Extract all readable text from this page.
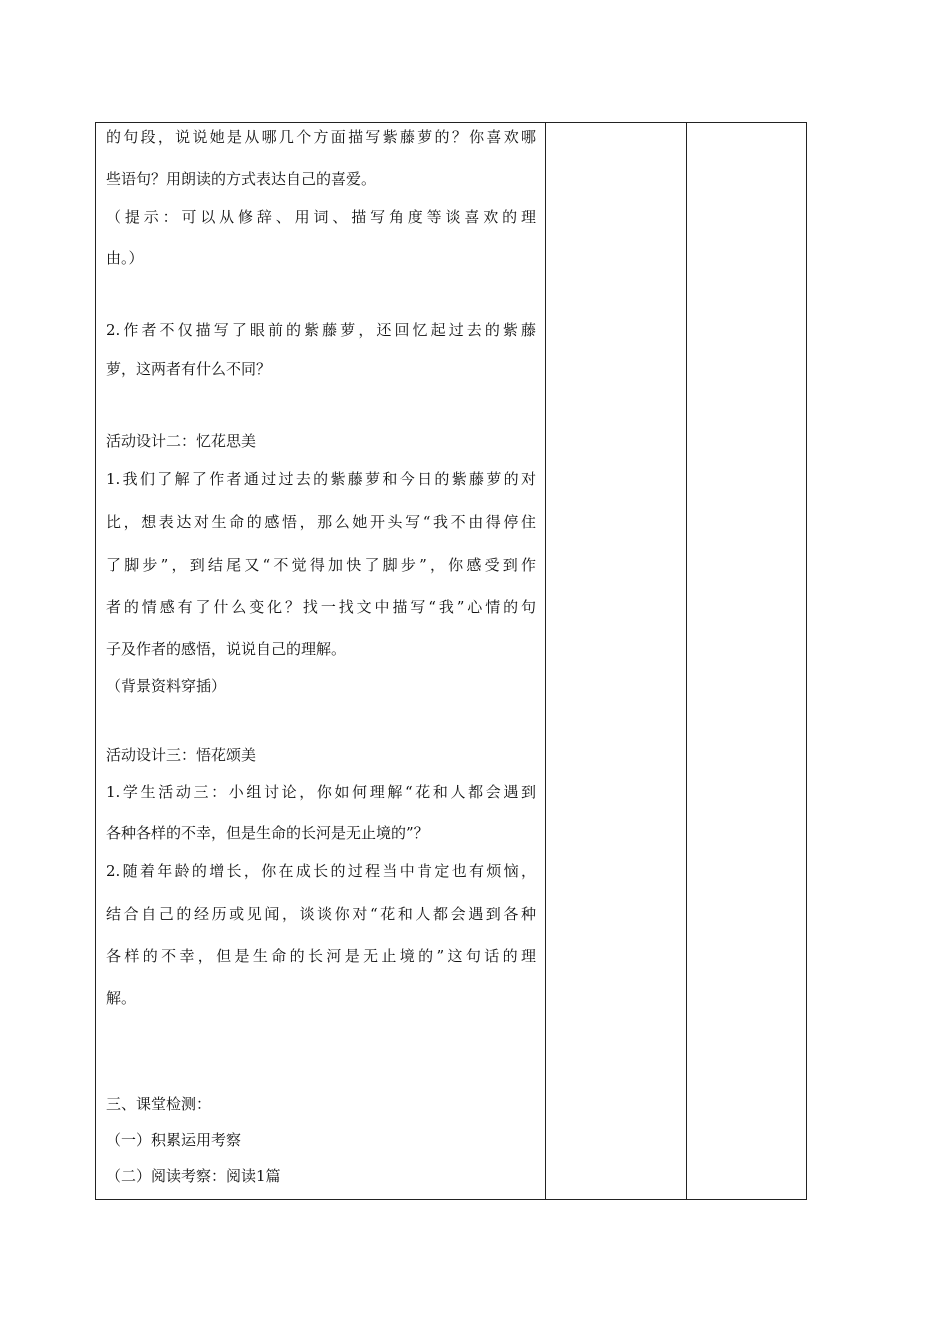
的句段，说说她是从哪几个方面描写紫藤萝的？你喜欢哪
些语句？用朗读的方式表达自己的喜爱。
（提示：可以从修辞、用词、描写角度等谈喜欢的理
由。）
2.作者不仅描写了眼前的紫藤萝，还回忆起过去的紫藤
萝，这两者有什么不同？
活动设计二：忆花思美
1.我们了解了作者通过过去的紫藤萝和今日的紫藤萝的对
比，想表达对生命的感悟，那么她开头写“我不由得停住
了脚步”，到结尾又“不觉得加快了脚步”，你感受到作
者的情感有了什么变化？找一找文中描写“我”心情的句
子及作者的感悟，说说自己的理解。
（背景资料穿插）
活动设计三：悟花颂美
1.学生活动三：小组讨论，你如何理解“花和人都会遇到
各种各样的不幸，但是生命的长河是无止境的”？
2.随着年龄的增长，你在成长的过程当中肯定也有烦恼，
结合自己的经历或见闻，谈谈你对“花和人都会遇到各种
各样的不幸，但是生命的长河是无止境的”这句话的理
解。
三、课堂检测：
（一）积累运用考察
（二）阅读考察：阅读1篇
